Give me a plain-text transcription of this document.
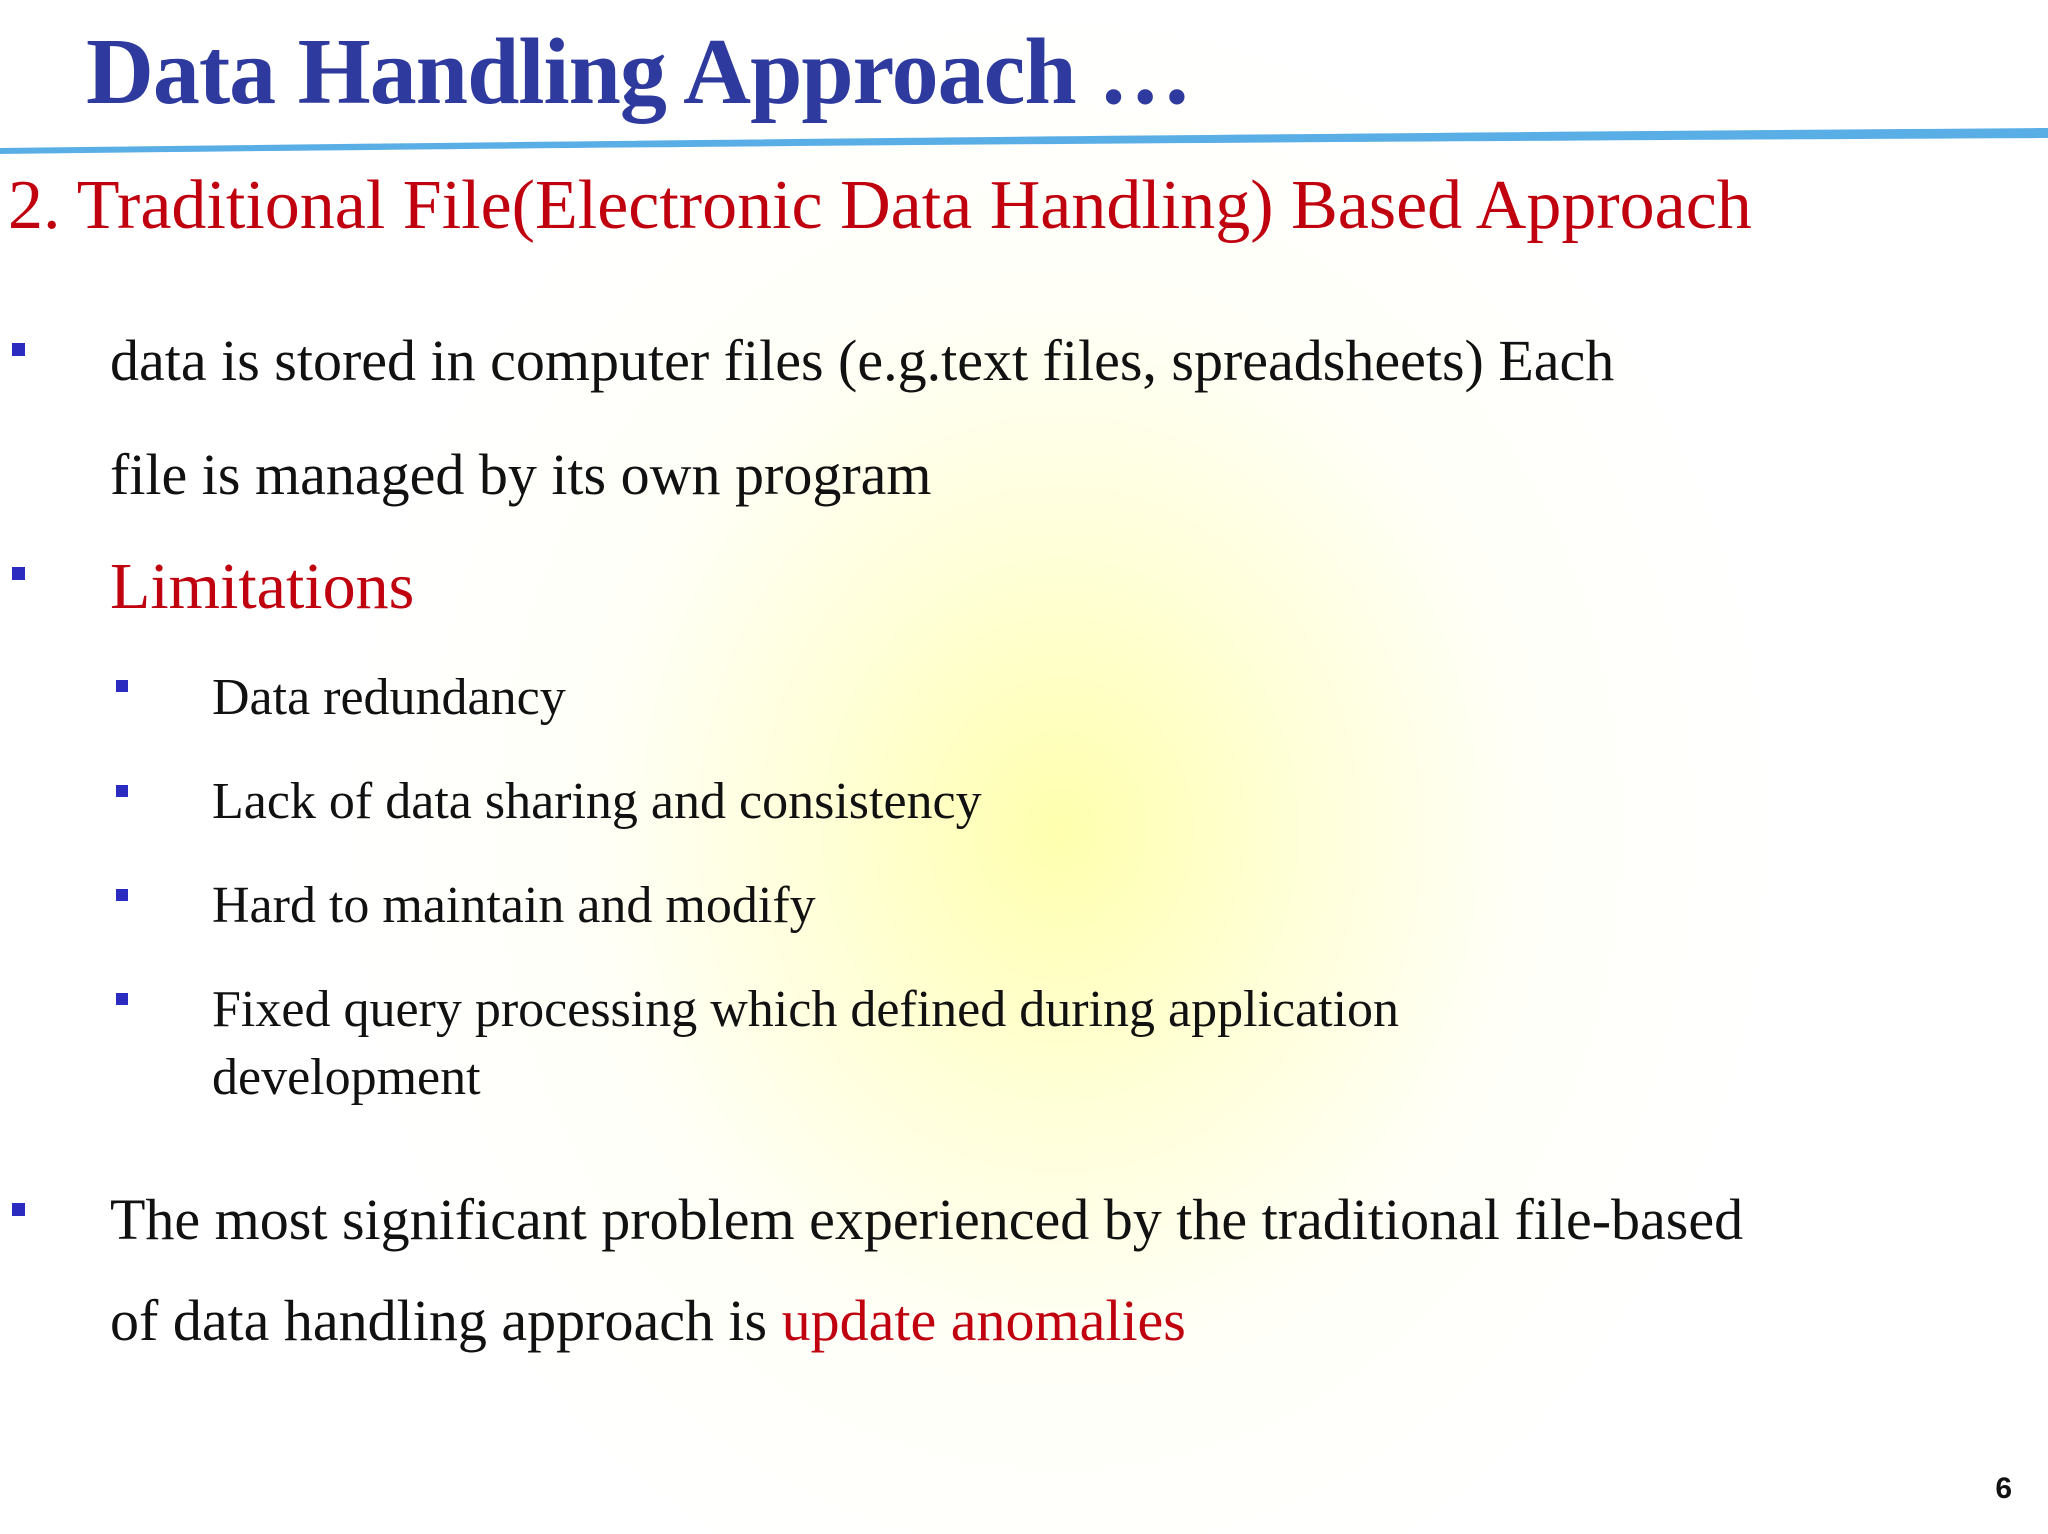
Data Handling Approach …
2. Traditional File(Electronic Data Handling) Based Approach
data is stored in computer files (e.g.text files, spreadsheets) Each
file is managed by its own program
Limitations
Data redundancy
Lack of data sharing and consistency
Hard to maintain and modify
Fixed query processing which defined during application
development
The most significant problem experienced by the traditional file-based
of data handling approach is update anomalies
6
